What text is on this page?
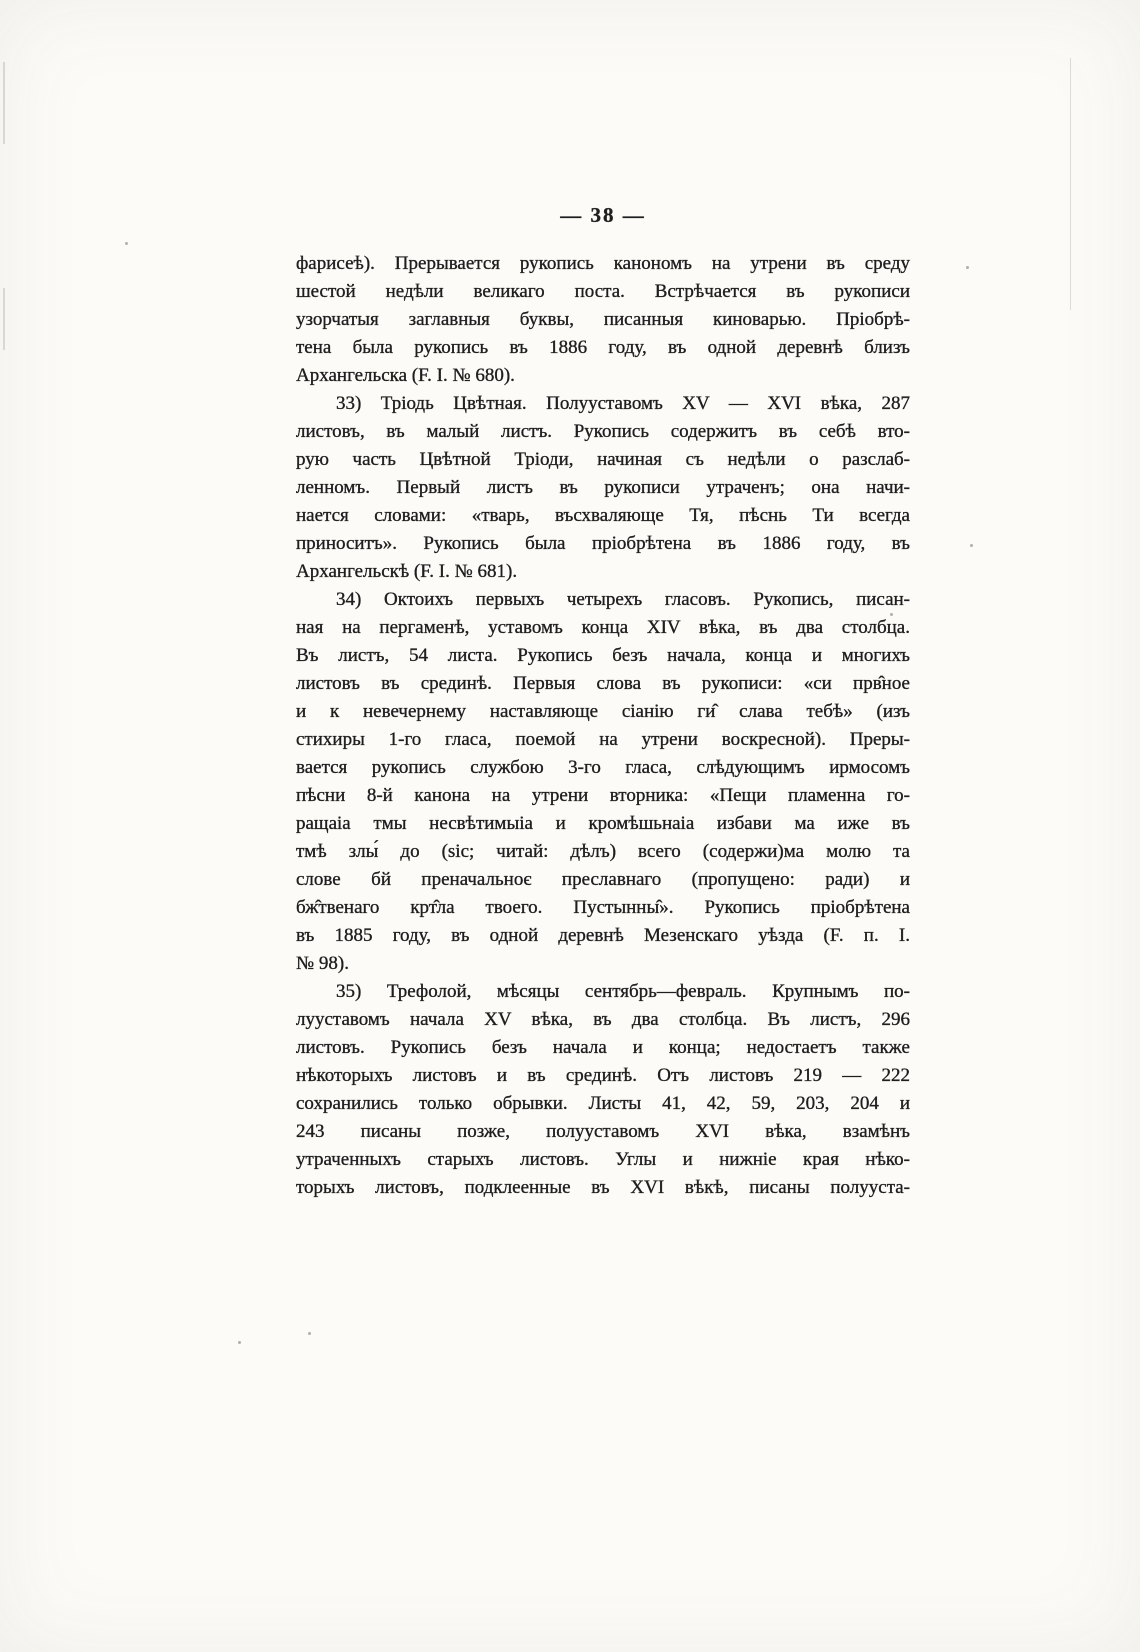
— 38 —
фарисеѣ). Прерывается рукопись канономъ на утрени въ среду
шестой недѣли великаго поста. Встрѣчается въ рукописи
узорчатыя заглавныя буквы, писанныя киноварью. Пріобрѣ-
тена была рукопись въ 1886 году, въ одной деревнѣ близъ
Архангельска (F. I. № 680).
33) Тріодь Цвѣтная. Полууставомъ XV — XVI вѣка, 287
листовъ, въ малый листъ. Рукопись содержитъ въ себѣ вто-
рую часть Цвѣтной Тріоди, начиная съ недѣли о разслаб-
ленномъ. Первый листъ въ рукописи утраченъ; она начи-
нается словами: «тварь, въсхваляюще Тя, пѣснь Ти всегда
приноситъ». Рукопись была пріобрѣтена въ 1886 году, въ
Архангельскѣ (F. I. № 681).
34) Октоихъ первыхъ четырехъ гласовъ. Рукопись, писан-
ная на пергаменѣ, уставомъ конца XIV вѣка, въ два столбца.
Въ листъ, 54 листа. Рукопись безъ начала, конца и многихъ
листовъ въ срединѣ. Первыя слова въ рукописи: «си прв̂ное
и к невечернему наставляюще сіанію ги̂ слава тебѣ» (изъ
стихиры 1-го гласа, поемой на утрени воскресной). Преры-
вается рукопись службою 3-го гласа, слѣдующимъ ирмосомъ
пѣсни 8-й канона на утрени вторника: «Пещи пламенна го-
ращаіа тмы несвѣтимыіа и кромѣшьнаіа избави ма иже въ
тмѣ злы́ до (sic; читай: дѣлъ) всего (содержи)ма молю та
слове бй преначальноє преславнаго (пропущено: ради) и
бж̂твенаго крт̂ла твоего. Пустынны̂». Рукопись пріобрѣтена
въ 1885 году, въ одной деревнѣ Мезенскаго уѣзда (F. п. I.
№ 98).
35) Трефолой, мѣсяцы сентябрь—февраль. Крупнымъ по-
лууставомъ начала XV вѣка, въ два столбца. Въ листъ, 296
листовъ. Рукопись безъ начала и конца; недостаетъ также
нѣкоторыхъ листовъ и въ срединѣ. Отъ листовъ 219 — 222
сохранились только обрывки. Листы 41, 42, 59, 203, 204 и
243 писаны позже, полууставомъ XVI вѣка, взамѣнъ
утраченныхъ старыхъ листовъ. Углы и нижніе края нѣко-
торыхъ листовъ, подклеенные въ XVI вѣкѣ, писаны полууста-
